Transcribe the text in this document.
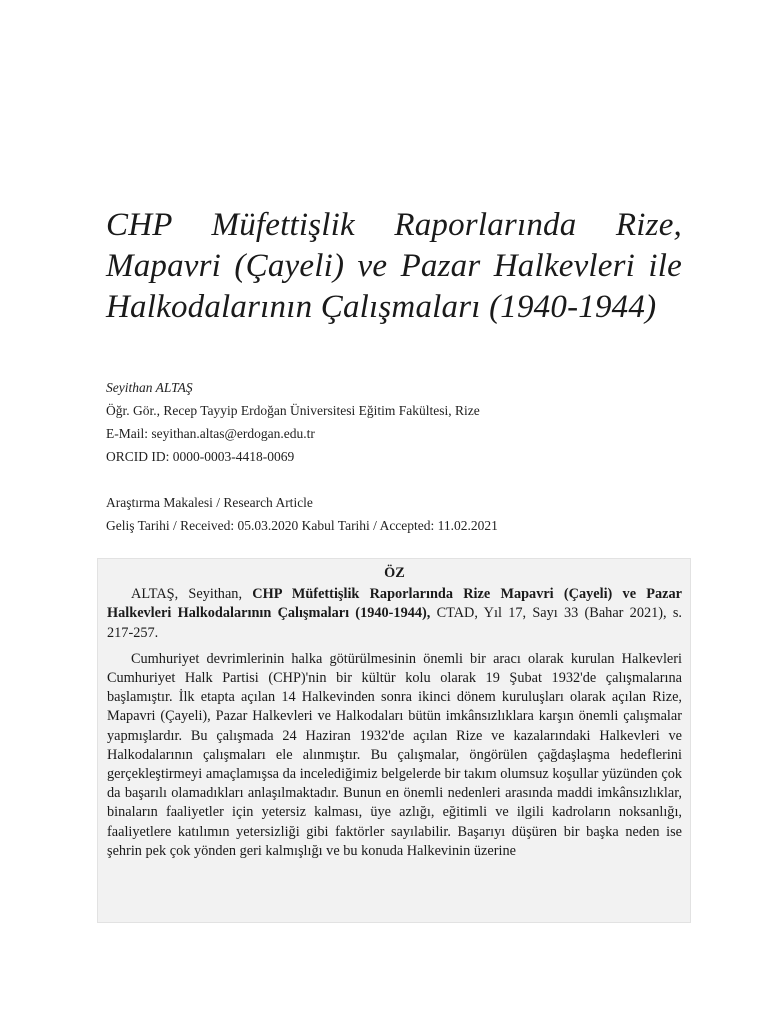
CHP Müfettişlik Raporlarında Rize, Mapavri (Çayeli) ve Pazar Halkevleri ile Halkodalarının Çalışmaları (1940-1944)
Seyithan ALTAŞ
Öğr. Gör., Recep Tayyip Erdoğan Üniversitesi Eğitim Fakültesi, Rize
E-Mail: seyithan.altas@erdogan.edu.tr
ORCID ID: 0000-0003-4418-0069
Araştırma Makalesi / Research Article
Geliş Tarihi / Received: 05.03.2020 Kabul Tarihi / Accepted: 11.02.2021
ÖZ

ALTAŞ, Seyithan, CHP Müfettişlik Raporlarında Rize Mapavri (Çayeli) ve Pazar Halkevleri Halkodalarının Çalışmaları (1940-1944), CTAD, Yıl 17, Sayı 33 (Bahar 2021), s. 217-257.

Cumhuriyet devrimlerinin halka götürülmesinin önemli bir aracı olarak kurulan Halkevleri Cumhuriyet Halk Partisi (CHP)'nin bir kültür kolu olarak 19 Şubat 1932'de çalışmalarına başlamıştır. İlk etapta açılan 14 Halkevinden sonra ikinci dönem kuruluşları olarak açılan Rize, Mapavri (Çayeli), Pazar Halkevleri ve Halkodaları bütün imkânsızlıklara karşın önemli çalışmalar yapmışlardır. Bu çalışmada 24 Haziran 1932'de açılan Rize ve kazalarındaki Halkevleri ve Halkodalarının çalışmaları ele alınmıştır. Bu çalışmalar, öngörülen çağdaşlaşma hedeflerini gerçekleştirmeyi amaçlamışsa da incelediğimiz belgelerde bir takım olumsuz koşullar yüzünden çok da başarılı olamadıkları anlaşılmaktadır. Bunun en önemli nedenleri arasında maddi imkânsızlıklar, binaların faaliyetler için yetersiz kalması, üye azlığı, eğitimli ve ilgili kadroların noksanlığı, faaliyetlere katılımın yetersizliği gibi faktörler sayılabilir. Başarıyı düşüren bir başka neden ise şehrin pek çok yönden geri kalmışlığı ve bu konuda Halkevinin üzerine
